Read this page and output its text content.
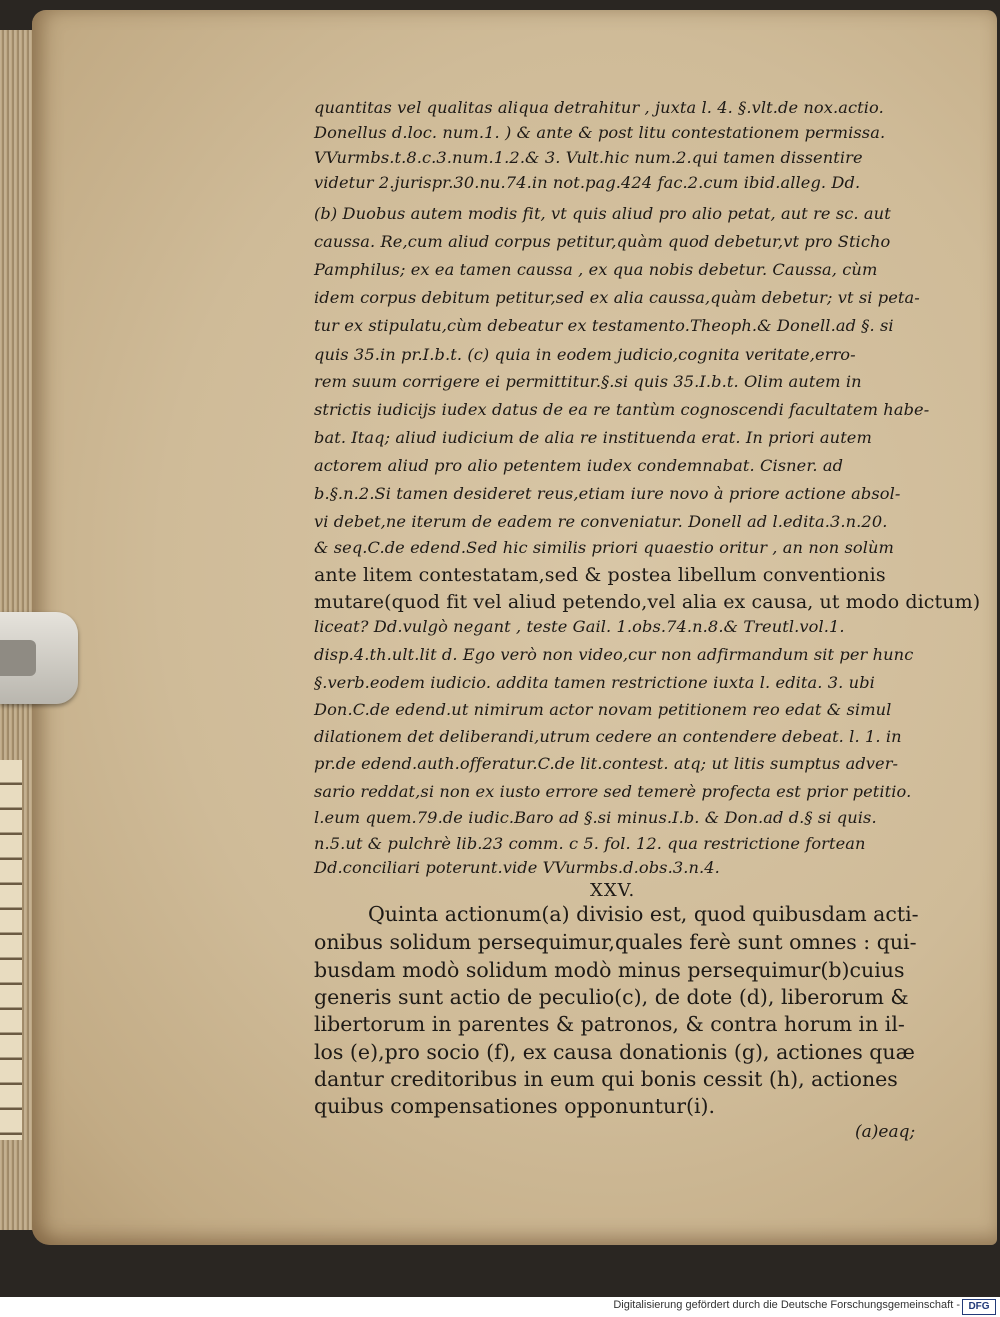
quantitas vel qualitas aliqua detrahitur , juxta l. 4. §.vlt.de nox.actio.
Donellus d.loc. num.1. ) & ante & post litu contestationem permissa.
VVurmbs.t.8.c.3.num.1.2.& 3. Vult.hic num.2.qui tamen dissentire
videtur 2.jurispr.30.nu.74.in not.pag.424 fac.2.cum ibid.alleg. Dd.
(b) Duobus autem modis fit, vt quis aliud pro alio petat, aut re sc. aut
caussa. Re,cum aliud corpus petitur,quàm quod debetur,vt pro Sticho
Pamphilus; ex ea tamen caussa , ex qua nobis debetur. Caussa, cùm
idem corpus debitum petitur,sed ex alia caussa,quàm debetur; vt si peta-
tur ex stipulatu,cùm debeatur ex testamento.Theoph.& Donell.ad §. si
quis 35.in pr.I.b.t. (c) quia in eodem judicio,cognita veritate,erro-
rem suum corrigere ei permittitur.§.si quis 35.I.b.t. Olim autem in
strictis iudicijs iudex datus de ea re tantùm cognoscendi facultatem habe-
bat. Itaq; aliud iudicium de alia re instituenda erat. In priori autem
actorem aliud pro alio petentem iudex condemnabat. Cisner. ad
b.§.n.2.Si tamen desideret reus,etiam iure novo à priore actione absol-
vi debet,ne iterum de eadem re conveniatur. Donell ad l.edita.3.n.20.
& seq.C.de edend.Sed hic similis priori quaestio oritur , an non solùm
ante litem contestatam,sed & postea libellum conventionis
mutare(quod fit vel aliud petendo,vel alia ex causa, ut modo dictum)
liceat? Dd.vulgò negant , teste Gail. 1.obs.74.n.8.& Treutl.vol.1.
disp.4.th.ult.lit d. Ego verò non video,cur non adfirmandum sit per hunc
§.verb.eodem iudicio. addita tamen restrictione iuxta l. edita. 3. ubi
Don.C.de edend.ut nimirum actor novam petitionem reo edat & simul
dilationem det deliberandi,utrum cedere an contendere debeat. l. 1. in
pr.de edend.auth.offeratur.C.de lit.contest. atq; ut litis sumptus adver-
sario reddat,si non ex iusto errore sed temerè profecta est prior petitio.
l.eum quem.79.de iudic.Baro ad §.si minus.I.b. & Don.ad d.§ si quis.
n.5.ut & pulchrè lib.23 comm. c 5. fol. 12. qua restrictione fortean
Dd.conciliari poterunt.vide VVurmbs.d.obs.3.n.4.
XXV.
Quinta actionum(a) divisio est, quod quibusdam acti-
onibus solidum persequimur,quales ferè sunt omnes : qui-
busdam modò solidum modò minus persequimur(b)cuius
generis sunt actio de peculio(c), de dote (d), liberorum &
libertorum in parentes & patronos, & contra horum in il-
los (e),pro socio (f), ex causa donationis (g), actiones quæ
dantur creditoribus in eum qui bonis cessit (h), actiones
quibus compensationes opponuntur(i).
(a)eaq;
Digitalisierung gefördert durch die Deutsche Forschungsgemeinschaft - DFG
